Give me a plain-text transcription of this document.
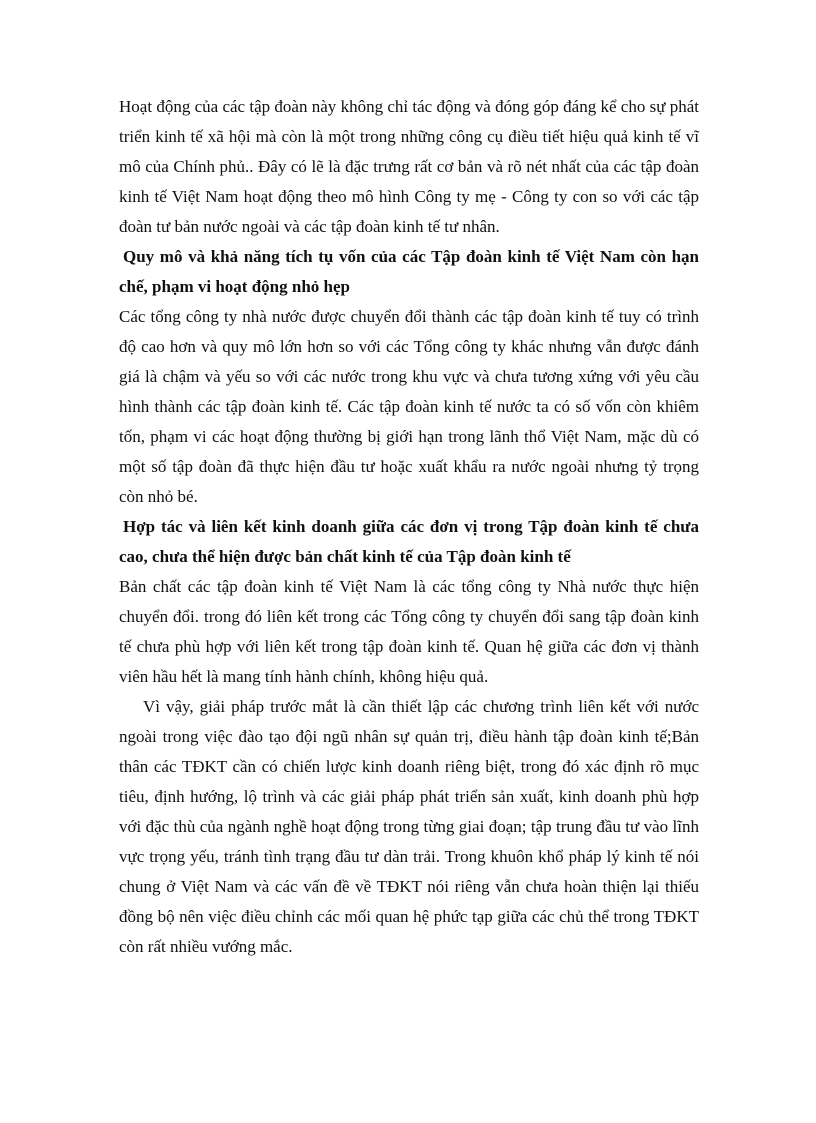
Hoạt động của các tập đoàn này không chỉ tác động và đóng góp đáng kể cho sự phát triển kinh tế xã hội mà còn là một trong những công cụ điều tiết hiệu quả kinh tế vĩ mô của Chính phủ.. Đây có lẽ là đặc trưng rất cơ bản và rõ nét nhất của các tập đoàn kinh tế Việt Nam hoạt động theo mô hình Công ty mẹ - Công ty con so với các tập đoàn tư bản nước ngoài và các tập đoàn kinh tế tư nhân.

Quy mô và khả năng tích tụ vốn của các Tập đoàn kinh tế Việt Nam còn hạn chế, phạm vi hoạt động nhỏ hẹp

Các tổng công ty nhà nước được chuyển đổi thành các tập đoàn kinh tế tuy có trình độ cao hơn và quy mô lớn hơn so với các Tổng công ty khác nhưng vẫn được đánh giá là chậm và yếu so với các nước trong khu vực và chưa tương xứng với yêu cầu hình thành các tập đoàn kinh tế. Các tập đoàn kinh tế nước ta có số vốn còn khiêm tốn, phạm vi các hoạt động thường bị giới hạn trong lãnh thổ Việt Nam, mặc dù có một số tập đoàn đã thực hiện đầu tư hoặc xuất khẩu ra nước ngoài nhưng tỷ trọng còn nhỏ bé.

Hợp tác và liên kết kinh doanh giữa các đơn vị trong Tập đoàn kinh tế chưa cao, chưa thể hiện được bản chất kinh tế của Tập đoàn kinh tế

Bản chất các tập đoàn kinh tế Việt Nam là các tổng công ty Nhà nước thực hiện chuyển đổi. trong đó liên kết trong các Tổng công ty chuyển đổi sang tập đoàn kinh tế chưa phù hợp với liên kết trong tập đoàn kinh tế. Quan hệ giữa các đơn vị thành viên hầu hết là mang tính hành chính, không hiệu quả.

Vì vậy, giải pháp trước mắt là cần thiết lập các chương trình liên kết với nước ngoài trong việc đào tạo đội ngũ nhân sự quản trị, điều hành tập đoàn kinh tế;Bản thân các TĐKT cần có chiến lược kinh doanh riêng biệt, trong đó xác định rõ mục tiêu, định hướng, lộ trình và các giải pháp phát triển sản xuất, kinh doanh phù hợp với đặc thù của ngành nghề hoạt động trong từng giai đoạn; tập trung đầu tư vào lĩnh vực trọng yếu, tránh tình trạng đầu tư dàn trải. Trong khuôn khổ pháp lý kinh tế nói chung ở Việt Nam và các vấn đề về TĐKT nói riêng vẫn chưa hoàn thiện lại thiếu đồng bộ nên việc điều chỉnh các mối quan hệ phức tạp giữa các chủ thể trong TĐKT còn rất nhiều vướng mắc.
